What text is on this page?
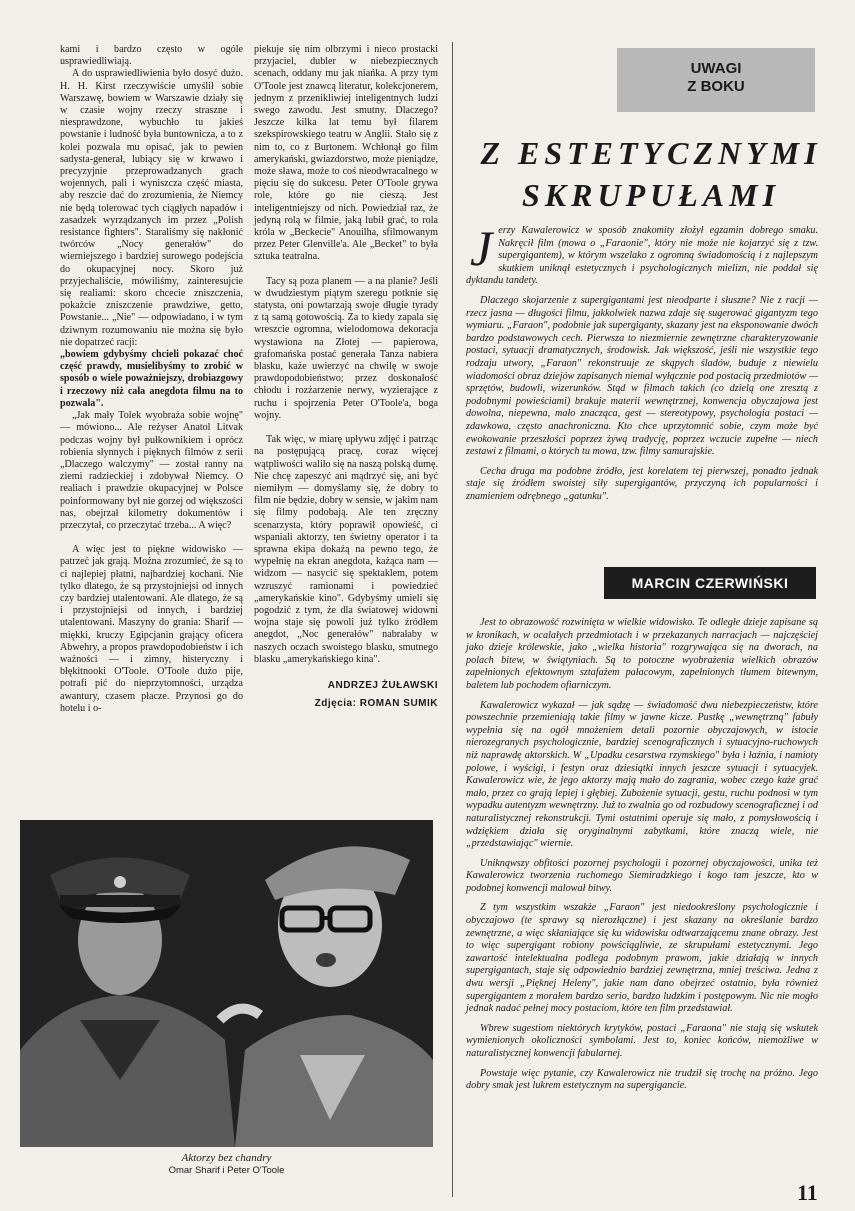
kami i bardzo często w ogóle usprawiedliwiają.

A do usprawiedliwienia było dosyć dużo. H. H. Kirst rzeczywiście umyślił sobie Warszawę, bowiem w Warszawie działy się w czasie wojny rzeczy straszne i niesprawdzone, wybuchło tu jakieś powstanie i ludność była buntownicza, a to z kolei pozwala mu opisać, jak to pewien sadysta-generał, lubiący się w krwawo i precyzyjnie przeprowadzanych grach wojennych, pali i wyniszcza część miasta, aby reszcie dać do zrozumienia, że Niemcy nie będą tolerować tych ciągłych napadów i zasadzek wyrządzanych im przez „Polish resistance fighters". Staraliśmy się nakłonić twórców „Nocy generałów" do wierniejszego i bardziej surowego podejścia do okupacyjnej nocy. Skoro już przyjechaliście, mówiliśmy, zainteresujcie się realiami: skoro chcecie zniszczenia, pokażcie zniszczenie prawdziwe, getto, Powstanie... „Nie" — odpowiadano, i w tym dziwnym rozumowaniu nie można się było nie dopatrzeć racji:

„bowiem gdybyśmy chcieli pokazać choć część prawdy, musielibyśmy to zrobić w sposób o wiele poważniejszy, drobiazgowy i rzeczowy niż cała anegdota filmu na to pozwala".

„Jak mały Tolek wyobraża sobie wojnę" — mówiono... Ale reżyser Anatol Litvak podczas wojny był pułkownikiem i oprócz robienia słynnych i pięknych filmów z serii „Dlaczego walczymy" — został ranny na ziemi radzieckiej i zdobywał Niemcy. O realiach i prawdzie okupacyjnej w Polsce poinformowany był nie gorzej od większości nas, obejrzał kilometry dokumentów i przeczytał, co przeczytać trzeba... A więc?

A więc jest to piękne widowisko — patrzeć jak grają. Można zrozumieć, że są to ci najlepiej płatni, najbardziej kochani. Nie tylko dlatego, że są przystojniejsi od innych czy bardziej utalentowani. Ale dlatego, że są i przystojniejsi od innych, i bardziej utalentowani. Maszyny do grania: Sharif — miękki, kruczy Egipcjanin grający oficera Abwehry, a propos prawdopodobieństw i ich ważności — i zimny, histeryczny i błękitnooki O'Toole. O'Toole dużo pije, potrafi pić do nieprzytomności, urządza awantury, czasem płacze. Przynosi go do hotelu i o-

piekuje się nim olbrzymi i nieco prostacki przyjaciel, dubler w niebezpiecznych scenach, oddany mu jak niańka. A przy tym O'Toole jest znawcą literatur, kolekcjonerem, jednym z przenikliwiej inteligentnych ludzi swego zawodu. Jest smutny. Dlaczego? Jeszcze kilka lat temu był filarem szekspirowskiego teatru w Anglii. Stało się z nim to, co z Burtonem. Wchłonął go film amerykański, gwiazdorstwo, może pieniądze, może sława, może to coś nieodwracalnego w pięciu się do sukcesu. Peter O'Toole grywa role, które go nie cieszą. Jest inteligentniejszy od nich. Powiedział raz, że jedyną rolą w filmie, jaką lubił grać, to rola króla w „Beckecie" Anouilha, sfilmowanym przez Peter Glenville'a. Ale „Becket" to była sztuka teatralna.

Tacy są poza planem — a na planie? Jeśli w dwudziestym piątym szeregu potknie się statysta, oni powtarzają swoje długie tyrady z tą samą gotowością. Za to kiedy zapala się wreszcie ogromna, wielodomowa dekoracja wystawiona na Złotej — papierowa, grafomańska postać generała Tanza nabiera blasku, każe uwierzyć na chwilę w swoje prawdopodobieństwo; przez doskonałość chłodu i rozżarzenie nerwy, wyzierające z ruchu i spojrzenia Peter O'Toole'a, boga wojny.

Tak więc, w miarę upływu zdjęć i patrząc na postępującą pracę, coraz więcej wątpliwości waliło się na naszą polską dumę. Nie chcę zapeszyć ani mądrzyć się, ani być niemiłym — domyślamy się, że dobry to film nie będzie, dobry w sensie, w jakim nam się filmy podobają. Ale ten zręczny scenarzysta, który poprawił opowieść, ci wspaniali aktorzy, ten świetny operator i ta sprawna ekipa dokażą na pewno tego, że wypełnię na ekran anegdota, każąca nam — widzom — nasycić się spektaklem, potem wzruszyć ramionami i powiedzieć „amerykańskie kino". Gdybyśmy umieli się pogodzić z tym, że dla światowej widowni wojna staje się powoli już tylko źródłem anegdot, „Noc generałów" nabrałaby w naszych oczach swoistego blasku, smutnego blasku „amerykańskiego kina".

ANDRZEJ ŻUŁAWSKI
Zdjęcia: ROMAN SUMIK
Aktorzy bez chandry
Omar Sharif i Peter O'Toole
UWAGI
Z BOKU
Z ESTETYCZNYMI
SKRUPUŁAMI

Jerzy Kawalerowicz w sposób znakomity złożył egzamin dobrego smaku. Nakręcił film (mowa o „Faraonie", który nie może nie kojarzyć się z tzw. supergigantem), w którym wszelako z ogromną świadomością i z najlepszym skutkiem uniknął estetycznych i psychologicznych mielizn, nie poddał się dyktandu tandety.

Dlaczego skojarzenie z supergigantami jest nieodparte i słuszne? Nie z racji — rzecz jasna — długości filmu, jakkolwiek nazwa zdaje się sugerować gigantyzm tego wymiaru. „Faraon", podobnie jak supergiganty, skazany jest na eksponowanie dwóch bardzo podstawowych cech. Pierwsza to niezmiernie zewnętrzne charakteryzowanie postaci, sytuacji dramatycznych, środowisk. Jak większość, jeśli nie wszystkie tego rodzaju utwory, „Faraon" rekonstruuje ze skąpych śladów, buduje z niewielu wiadomości obraz dziejów zapisanych niemal wyłącznie pod postacią przedmiotów — sprzętów, budowli, wizerunków. Stąd w filmach takich (co dzielą one zresztą z podobnymi powieściami) brakuje materii wewnętrznej, konwencja obyczajowa jest dowolna, niepewna, mało znacząca, gest — stereotypowy, psychologia postaci — zdawkowa, często anachroniczna. Kto chce uprzytomnić sobie, czym może być ewokowanie przeszłości poprzez żywą tradycję, poprzez wczucie zupełne — niech zestawi z filmami, o których tu mowa, tzw. filmy samurajskie.

Cecha druga ma podobne źródło, jest korelatem tej pierwszej, ponadto jednak staje się źródłem swoistej siły supergigantów, przyczyną ich popularności i znamieniem odrębnego „gatunku".

MARCIN CZERWIŃSKI

Jest to obrazowość rozwinięta w wielkie widowisko. Te odległe dzieje zapisane są w kronikach, w ocalałych przedmiotach i w przekazanych narracjach — najczęściej jako dzieje królewskie, jako „wielka historia" rozgrywająca się na dworach, na polach bitew, w świątyniach. Są to potoczne wyobrażenia wielkich obrazów zapełnionych efektownym sztafażem pałacowym, zapełnionych tłumem bitewnym, baletem lub pochodem ofiarniczym.

Kawalerowicz wykazał — jak sądzę — świadomość dwu niebezpieczeństw, które powszechnie przemieniają takie filmy w jawne kicze. Pustkę „wewnętrzną" fabuły wypełnia się na ogół mnożeniem detali pozornie obyczajowych, w istocie nierozegranych psychologicznie, bardziej scenograficznych i sytuacyjno-ruchowych niż naprawdę aktorskich. W „Upadku cesarstwa rzymskiego" była i łaźnia, i namioty polowe, i wyścigi, i festyn oraz dziesiątki innych jeszcze sytuacji i sytuacyjek. Kawalerowicz wie, że jego aktorzy mają mało do zagrania, wobec czego każe grać mało, przez co grają lepiej i głębiej. Zubożenie sytuacji, gestu, ruchu podnosi w tym wypadku autentyzm wewnętrzny. Już to zwalnia go od rozbudowy scenograficznej i od naturalistycznej rekonstrukcji. Tymi ostatnimi operuje się mało, z pomysłowością i wdziękiem działa się oryginalnymi zabytkami, które znaczą wiele, nie „przedstawiając" wiernie.

Uniknąwszy obfitości pozornej psychologii i pozornej obyczajowości, unika też Kawalerowicz tworzenia ruchomego Siemiradzkiego i kogo tam jeszcze, kto w podobnej konwencji malował bitwy.

Z tym wszystkim wszakże „Faraon" jest niedookreślony psychologicznie i obyczajowo (te sprawy są nierozłączne) i jest skazany na określanie bardzo zewnętrzne, a więc skłaniające się ku widowisku odtwarzającemu znane obrazy. Jest to więc supergigant robiony powściągliwie, ze skrupułami estetycznymi. Jego zawartość intelektualna podlega podobnym prawom, jakie działają w innych supergigantach, staje się odpowiednio bardziej zewnętrzna, mniej treściwa. Jedna z dwu wersji „Pięknej Heleny", jakie nam dano obejrzeć ostatnio, była również supergigantem z morałem bardzo serio, bardzo ludzkim i postępowym. Nic nie mogło jednak nadać pełnej mocy postaciom, które ten film przedstawiał.

Wbrew sugestiom niektórych krytyków, postaci „Faraona" nie stają się wskutek wymienionych okoliczności symbolami. Jest to, koniec końców, niemożliwe w naturalistycznej konwencji fabularnej.

Powstaje więc pytanie, czy Kawalerowicz nie trudził się trochę na próżno. Jego dobry smak jest lukrem estetycznym na supergigancie.

11
